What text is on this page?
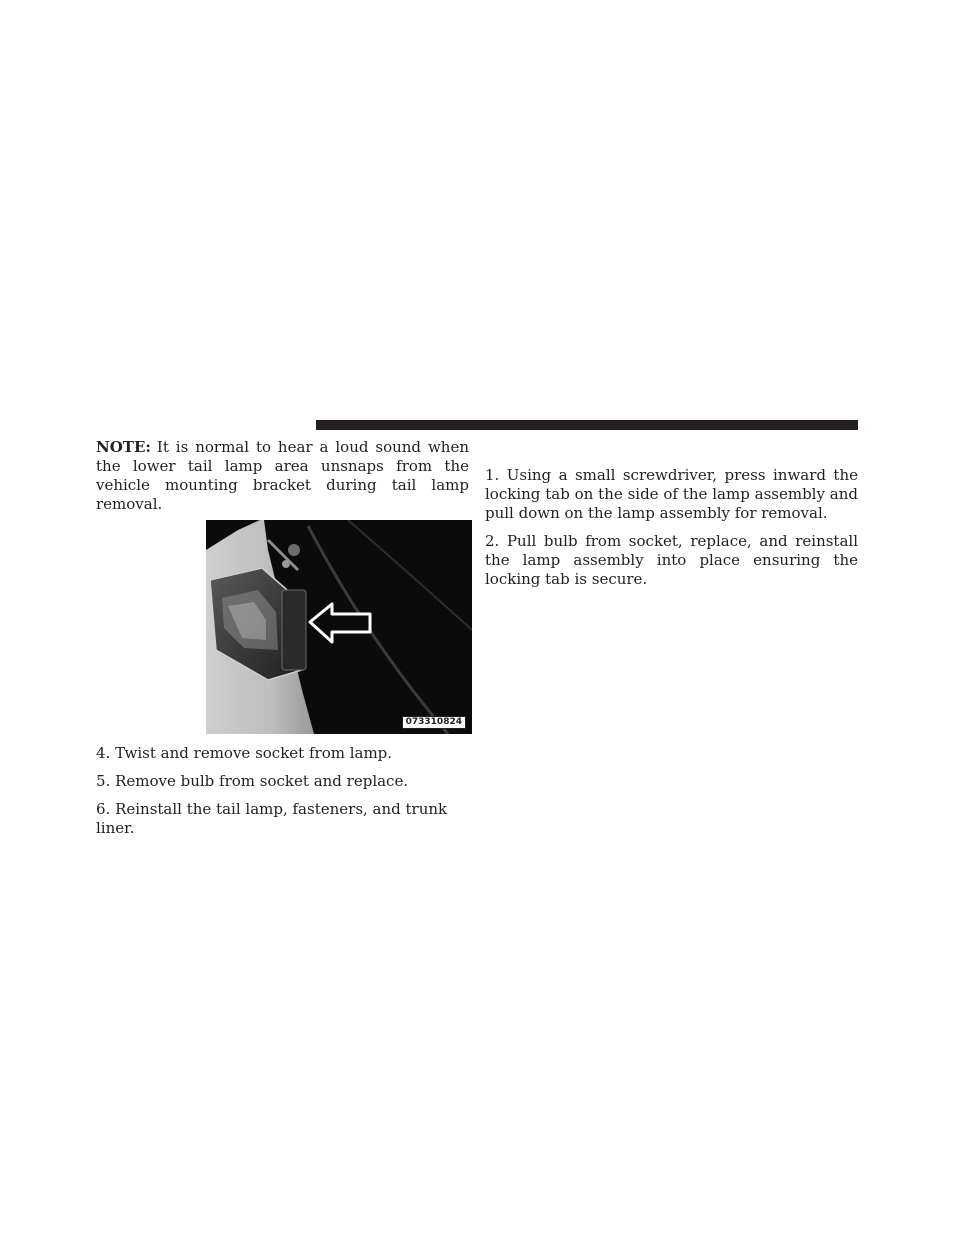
NOTE: It is normal to hear a loud sound when the lower tail lamp area unsnaps from the vehicle mounting bracket during tail lamp removal.

073310824

4. Twist and remove socket from lamp.

5. Remove bulb from socket and replace.

6. Reinstall the tail lamp, fasteners, and trunk liner.

1. Using a small screwdriver, press inward the locking tab on the side of the lamp assembly and pull down on the lamp assembly for removal.

2. Pull bulb from socket, replace, and reinstall the lamp assembly into place ensuring the locking tab is secure.
